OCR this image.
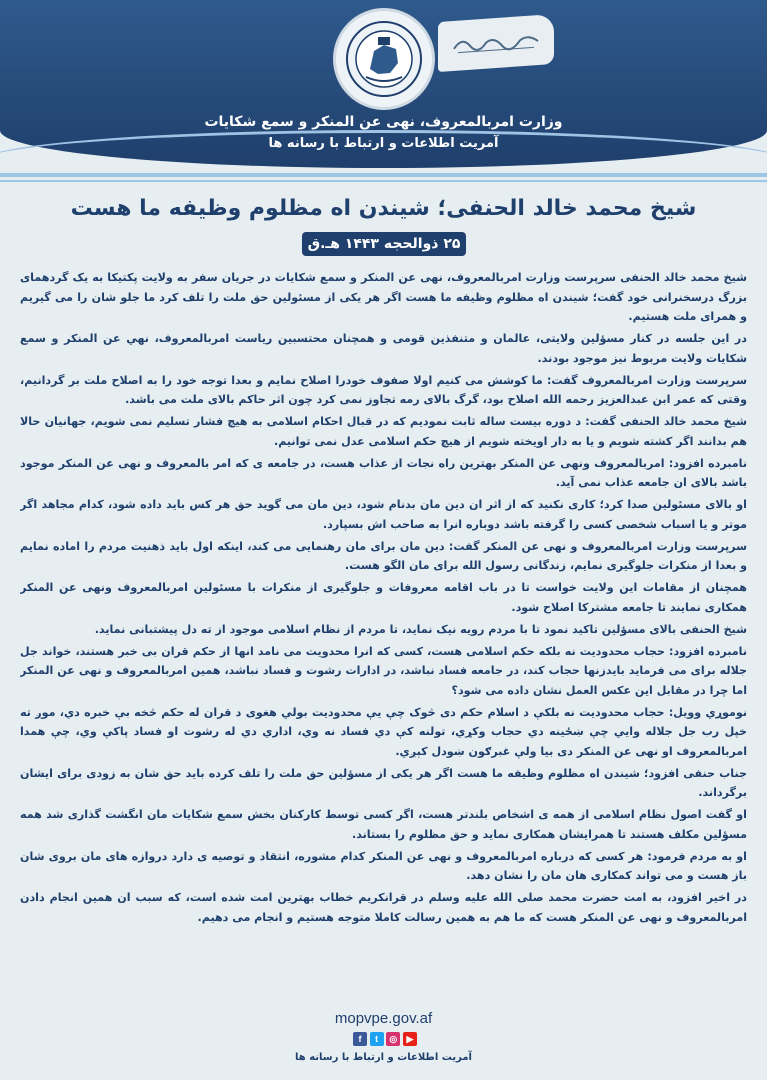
وزارت امربالمعروف، نهی عن المنکر و سمع شکایات
آمریت اطلاعات و ارتباط با رسانه ها
شیخ محمد خالد الحنفی؛ شیندن اه مظلوم وظیفه ما هست
۲۵ ذوالحجه ۱۴۴۳ هـ.ق

شیخ محمد خالد الحنفی سرپرست وزارت امربالمعروف، نهی عن المنکر و سمع شکایات در جریان سفر به ولایت پکتیکا به یک گردهمای بزرگ درسخنرانی خود گفت؛ شیندن اه مظلوم وظیفه ما هست اگر هر یکی از مسئولین حق ملت را تلف کرد ما جلو شان را می گیریم و همرای ملت هستیم.

در این جلسه در کنار مسؤلین ولایتی، عالمان و متنفذین قومی و همچنان محتسبین ریاست امربالمعروف، نهي عن المنکر و سمع شکایات ولایت مربوط نیز موجود بودند.

سرپرست وزارت امربالمعروف گفت: ما کوشش می کنیم اولا صفوف خودرا اصلاح نمایم و بعدا توجه خود را به اصلاح ملت بر گردانیم، وقتی که عمر ابن عبدالعزیز رحمه الله اصلاح بود، گرگ بالای رمه تجاوز نمی کرد چون اثر حاکم بالای ملت می باشد.

شیخ محمد خالد الحنفی گفت: د دوره بیست ساله ثابت نمودیم که در قبال احکام اسلامی به هیچ فشار تسلیم نمی شویم، جهانیان حالا هم بدانند اگر کشته شویم و یا به دار اویخته شویم از هیچ حکم اسلامی عدل نمی توانیم.

نامبرده افزود: امربالمعروف ونهی عن المنکر بهترین راه نجات از عذاب هست، در جامعه ی که امر بالمعروف و نهی عن المنکر موجود باشد بالای ان جامعه عذاب نمی آید.

او بالای مسئولین صدا کرد؛ کاری نکنید که از اثر ان دین مان بدنام شود، دین مان می گوید حق هر کس باید داده شود، کدام مجاهد اگر موتر و یا اسباب شخصی کسی را گرفته باشد دوباره انرا به صاحب اش بسپارد.

سرپرست وزارت امربالمعروف و نهی عن المنکر گفت: دین مان برای مان رهنمایی می کند، اینکه اول باید ذهنیت مردم را اماده نمایم و بعدا از منکرات جلوگیری نمایم، زندگانی رسول الله برای مان الگو هست.

همچنان از مقامات این ولایت خواست تا در باب اقامه معروفات و جلوگیری از منکرات با مسئولین امربالمعروف ونهی عن المنکر همکاری نمایند تا جامعه مشترکا اصلاح شود.

شیخ الحنفی بالای مسؤلین تاکید نمود تا با مردم رویه نیک نماید، تا مردم از نظام اسلامی موجود از ته دل پیشتبانی نماید.

نامبرده افزود: حجاب محدودیت نه بلکه حکم اسلامی هست، کسی که انرا محدویت می نامد انها از حکم قران بی خبر هستند، خواند جل جلاله برای می فرماید بایدزنها حجاب کند، در جامعه فساد نباشد، در ادارات رشوت و فساد نباشد، همین امربالمعروف و نهی عن المنکر اما چرا در مقابل این عکس العمل نشان داده می شود؟

نوموړي وويل: حجاب محدوديت نه بلکې د اسلام حکم دی څوک چې يې محدوديت بولي هغوی د قران له حکم څخه بې خبره دي، موږ ته خپل رب جل جلاله وايي چې ښځينه دي حجاب وکړي، تولنه کې دي فساد نه وي، اداري دي له رشوت او فساد پاکې وي، چې همدا امربالمعروف او نهی عن المنکر دی بیا ولې غبرګون ښودل کېږي.

جناب حنفی افزود؛ شیندن اه مظلوم وظیفه ما هست اگر هر یکی از مسؤلین حق ملت را تلف کرده باید حق شان به زودی برای ایشان برگرداند.

او گفت اصول نظام اسلامی از همه ی اشخاص بلندتر هست، اگر کسی توسط کارکنان بخش سمع شکایات مان انگشت گذاری شد همه مسؤلین مکلف هستند تا همرایشان همکاری نماید و حق مظلوم را بستاند.

او به مردم فرمود: هر کسی که درباره امربالمعروف و نهی عن المنکر کدام مشوره، انتقاد و توصیه ی دارد دروازه های مان بروی شان باز هست و می تواند کمکاری هان مان را نشان دهد.

در اخیر افزود، به امت حضرت محمد صلی الله علیه وسلم در قرانکریم خطاب بهترین امت شده است، که سبب ان همین انجام دادن امربالمعروف و نهی عن المنکر هست که ما هم به همین رسالت کاملا متوجه هستیم و انجام می دهیم.

mopvpe.gov.af
f	t	◎	▶
آمریت اطلاعات و ارتباط با رسانه ها
